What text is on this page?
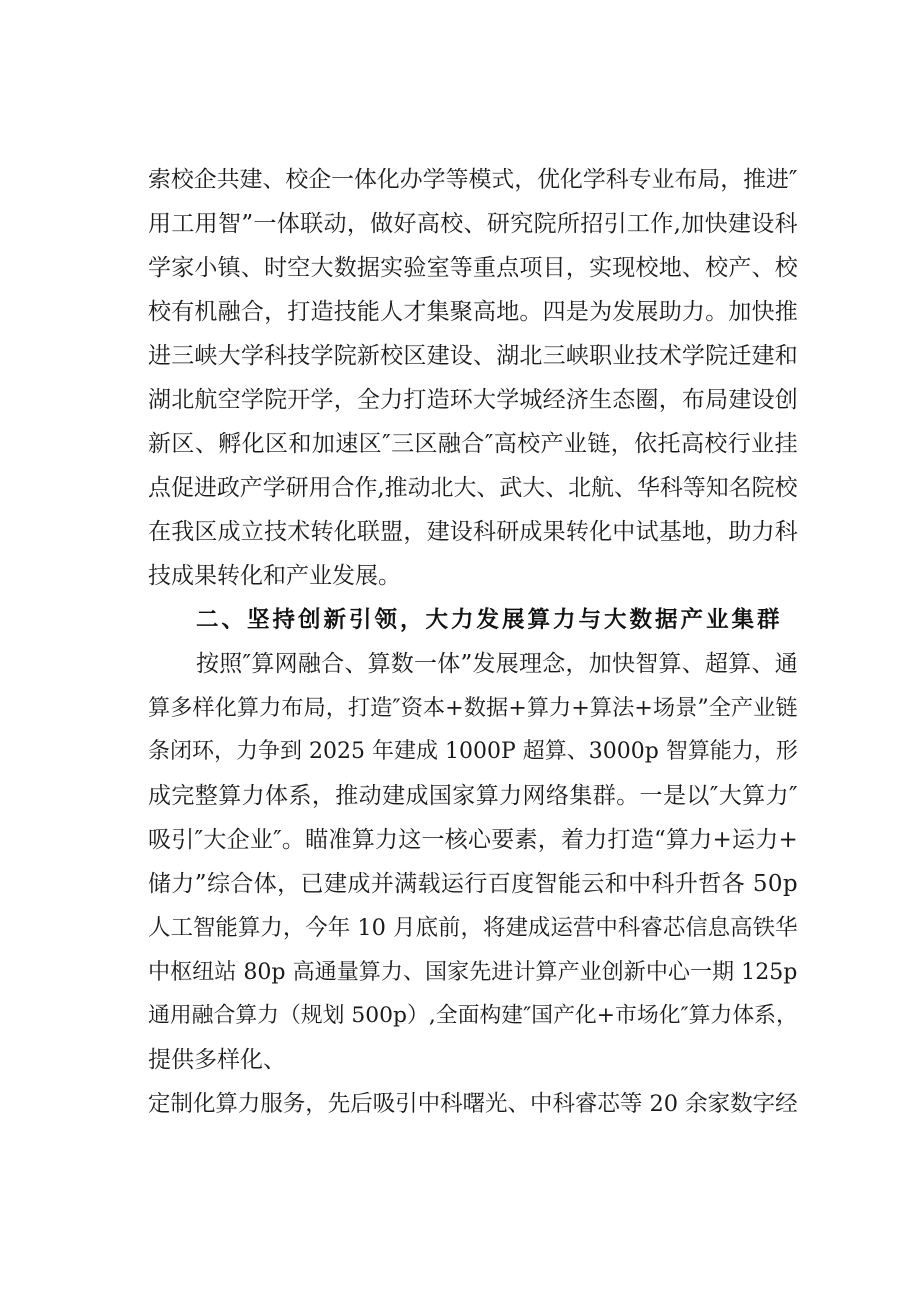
索校企共建、校企一体化办学等模式，优化学科专业布局，推进″

用工用智”一体联动，做好高校、研究院所招引工作,加快建设科

学家小镇、时空大数据实验室等重点项目，实现校地、校产、校

校有机融合，打造技能人才集聚高地。四是为发展助力。加快推

进三峡大学科技学院新校区建设、湖北三峡职业技术学院迁建和

湖北航空学院开学，全力打造环大学城经济生态圈，布局建设创

新区、孵化区和加速区″三区融合″高校产业链，依托高校行业挂

点促进政产学研用合作,推动北大、武大、北航、华科等知名院校

在我区成立技术转化联盟，建设科研成果转化中试基地，助力科

技成果转化和产业发展。

二、坚持创新引领，大力发展算力与大数据产业集群

按照″算网融合、算数一体”发展理念，加快智算、超算、通

算多样化算力布局，打造″资本+数据+算力+算法+场景”全产业链

条闭环，力争到 2025 年建成 1000P 超算、3000p 智算能力，形

成完整算力体系，推动建成国家算力网络集群。一是以″大算力″

吸引″大企业″。瞄准算力这一核心要素，着力打造“算力+运力+

储力”综合体，已建成并满载运行百度智能云和中科升哲各 50p

人工智能算力，今年 10 月底前，将建成运营中科睿芯信息高铁华

中枢纽站 80p 高通量算力、国家先进计算产业创新中心一期 125p

通用融合算力（规划 500p）,全面构建″国产化+市场化″算力体系，

提供多样化、

定制化算力服务，先后吸引中科曙光、中科睿芯等 20 余家数字经
